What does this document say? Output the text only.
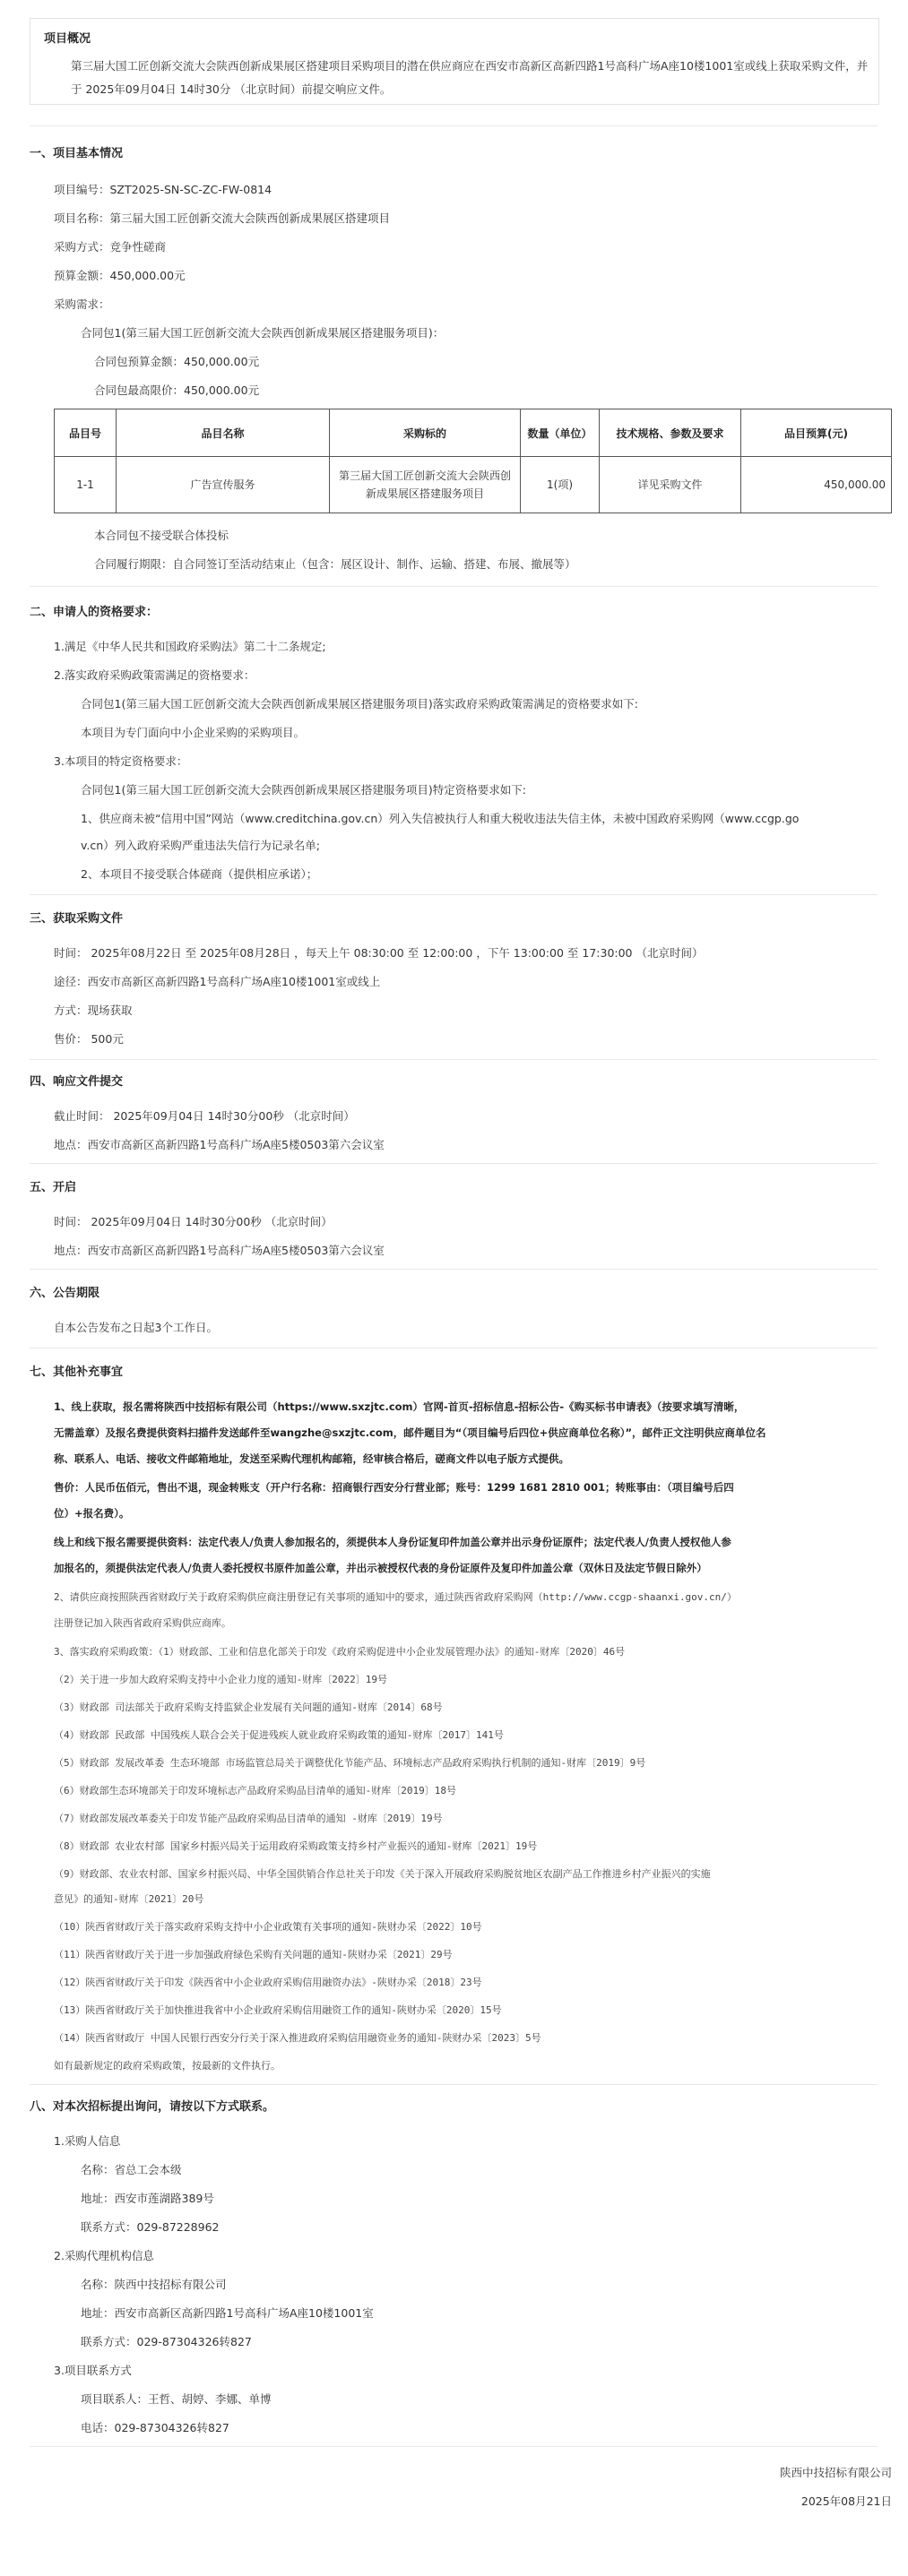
项目概况

第三届大国工匠创新交流大会陕西创新成果展区搭建项目采购项目的潜在供应商应在西安市高新区高新四路1号高科广场A座10楼1001室或线上获取采购文件，并于 2025年09月04日 14时30分 （北京时间）前提交响应文件。

一、项目基本情况
项目编号：SZT2025-SN-SC-ZC-FW-0814
项目名称：第三届大国工匠创新交流大会陕西创新成果展区搭建项目
采购方式：竞争性磋商
预算金额：450,000.00元
采购需求：
合同包1(第三届大国工匠创新交流大会陕西创新成果展区搭建服务项目)：
合同包预算金额：450,000.00元
合同包最高限价：450,000.00元
品目号	品目名称	采购标的	数量（单位）	技术规格、参数及要求	品目预算(元)
1-1	广告宣传服务	第三届大国工匠创新交流大会陕西创新成果展区搭建服务项目	1(项)	详见采购文件	450,000.00
本合同包不接受联合体投标
合同履行期限：自合同签订至活动结束止（包含：展区设计、制作、运输、搭建、布展、撤展等）
二、申请人的资格要求：
1.满足《中华人民共和国政府采购法》第二十二条规定;
2.落实政府采购政策需满足的资格要求：
合同包1(第三届大国工匠创新交流大会陕西创新成果展区搭建服务项目)落实政府采购政策需满足的资格要求如下:
本项目为专门面向中小企业采购的采购项目。
3.本项目的特定资格要求：
合同包1(第三届大国工匠创新交流大会陕西创新成果展区搭建服务项目)特定资格要求如下:
1、供应商未被“信用中国”网站（www.creditchina.gov.cn）列入失信被执行人和重大税收违法失信主体，未被中国政府采购网（www.ccgp.go
v.cn）列入政府采购严重违法失信行为记录名单;
2、本项目不接受联合体磋商（提供相应承诺）；
三、获取采购文件
时间： 2025年08月22日 至 2025年08月28日 ，每天上午 08:30:00 至 12:00:00 ，下午 13:00:00 至 17:30:00 （北京时间）
途径：西安市高新区高新四路1号高科广场A座10楼1001室或线上
方式：现场获取
售价： 500元
四、响应文件提交
截止时间： 2025年09月04日 14时30分00秒 （北京时间）
地点：西安市高新区高新四路1号高科广场A座5楼0503第六会议室
五、开启
时间： 2025年09月04日 14时30分00秒 （北京时间）
地点：西安市高新区高新四路1号高科广场A座5楼0503第六会议室
六、公告期限
自本公告发布之日起3个工作日。
七、其他补充事宜
1、线上获取，报名需将陕西中技招标有限公司（https://www.sxzjtc.com）官网-首页-招标信息-招标公告-《购买标书申请表》（按要求填写清晰，
无需盖章）及报名费提供资料扫描件发送邮件至wangzhe@sxzjtc.com，邮件题目为“（项目编号后四位+供应商单位名称）”，邮件正文注明供应商单位名
称、联系人、电话、接收文件邮箱地址，发送至采购代理机构邮箱，经审核合格后，磋商文件以电子版方式提供。
售价：人民币伍佰元，售出不退，现金转账支（开户行名称：招商银行西安分行营业部；账号：1299 1681 2810 001；转账事由：（项目编号后四
位）+报名费）。
线上和线下报名需要提供资料：法定代表人/负责人参加报名的，须提供本人身份证复印件加盖公章并出示身份证原件；法定代表人/负责人授权他人参
加报名的，须提供法定代表人/负责人委托授权书原件加盖公章，并出示被授权代表的身份证原件及复印件加盖公章（双休日及法定节假日除外）
2、请供应商按照陕西省财政厅关于政府采购供应商注册登记有关事项的通知中的要求，通过陕西省政府采购网（http://www.ccgp-shaanxi.gov.cn/）
注册登记加入陕西省政府采购供应商库。
3、落实政府采购政策：（1）财政部、工业和信息化部关于印发《政府采购促进中小企业发展管理办法》的通知-财库〔2020〕46号
（2）关于进一步加大政府采购支持中小企业力度的通知-财库〔2022〕19号
（3）财政部 司法部关于政府采购支持监狱企业发展有关问题的通知-财库〔2014〕68号
（4）财政部 民政部 中国残疾人联合会关于促进残疾人就业政府采购政策的通知-财库〔2017〕141号
（5）财政部 发展改革委 生态环境部 市场监管总局关于调整优化节能产品、环境标志产品政府采购执行机制的通知-财库〔2019〕9号
（6）财政部生态环境部关于印发环境标志产品政府采购品目清单的通知-财库〔2019〕18号
（7）财政部发展改革委关于印发节能产品政府采购品目清单的通知 -财库〔2019〕19号
（8）财政部 农业农村部 国家乡村振兴局关于运用政府采购政策支持乡村产业振兴的通知-财库〔2021〕19号
（9）财政部、农业农村部、国家乡村振兴局、中华全国供销合作总社关于印发《关于深入开展政府采购脱贫地区农副产品工作推进乡村产业振兴的实施
意见》的通知-财库〔2021〕20号
（10）陕西省财政厅关于落实政府采购支持中小企业政策有关事项的通知-陕财办采〔2022〕10号
（11）陕西省财政厅关于进一步加强政府绿色采购有关问题的通知-陕财办采〔2021〕29号
（12）陕西省财政厅关于印发《陕西省中小企业政府采购信用融资办法》-陕财办采〔2018〕23号
（13）陕西省财政厅关于加快推进我省中小企业政府采购信用融资工作的通知-陕财办采〔2020〕15号
（14）陕西省财政厅 中国人民银行西安分行关于深入推进政府采购信用融资业务的通知-陕财办采〔2023〕5号
如有最新规定的政府采购政策，按最新的文件执行。
八、对本次招标提出询问，请按以下方式联系。
1.采购人信息
名称：省总工会本级
地址：西安市莲湖路389号
联系方式：029-87228962
2.采购代理机构信息
名称：陕西中技招标有限公司
地址：西安市高新区高新四路1号高科广场A座10楼1001室
联系方式：029-87304326转827
3.项目联系方式
项目联系人：王哲、胡婷、李娜、单博
电话：029-87304326转827
陕西中技招标有限公司
2025年08月21日
